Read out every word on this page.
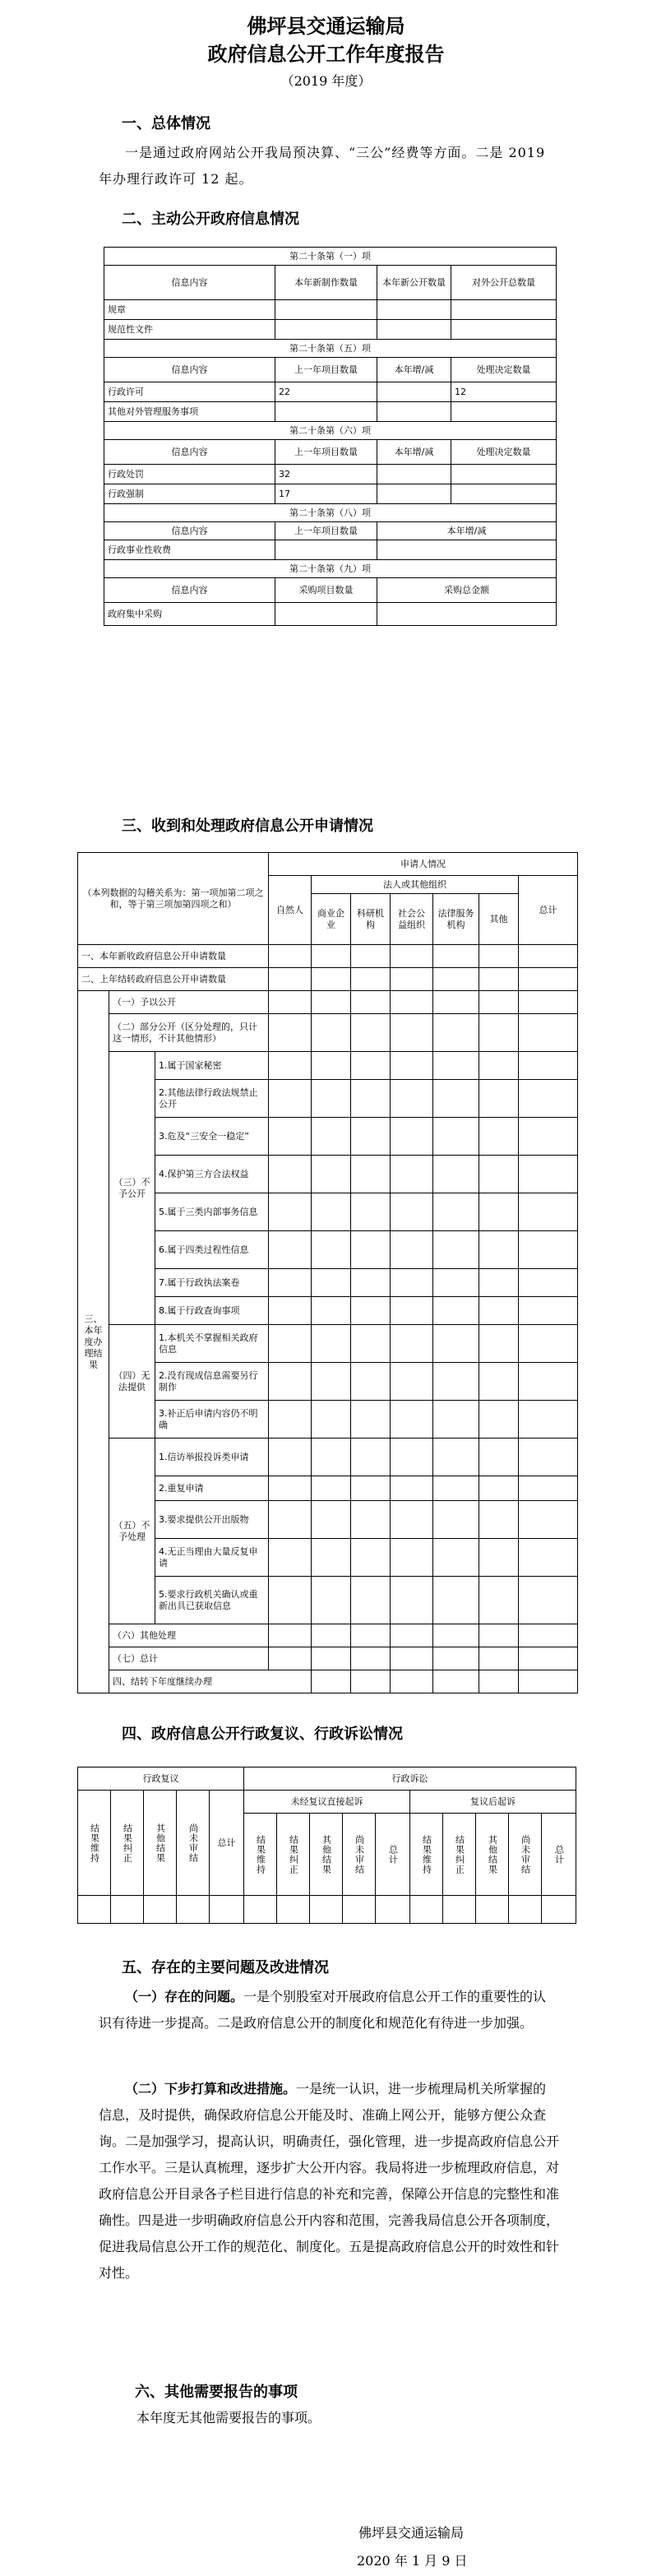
佛坪县交通运输局
政府信息公开工作年度报告
（2019 年度）
一、总体情况
一是通过政府网站公开我局预决算、“三公”经费等方面。二是 2019 年办理行政许可 12 起。
二、主动公开政府信息情况
第二十条第（一）项			
信息内容	本年新制作数量	本年新公开数量	对外公开总数量
规章			
规范性文件			
第二十条第（五）项			
信息内容	上一年项目数量	本年增/减	处理决定数量
行政许可	22		12
其他对外管理服务事项			
第二十条第（六）项			
信息内容	上一年项目数量	本年增/减	处理决定数量
行政处罚	32		
行政强制	17		
第二十条第（八）项			
信息内容	上一年项目数量	本年增/减	
行政事业性收费			
第二十条第（九）项			
信息内容	采购项目数量	采购总金额	
政府集中采购			
三、收到和处理政府信息公开申请情况
（本列数据的勾稽关系为：第一项加第二项之和，等于第三项加第四项之和）			申请人情况							
			自然人	法人或其他组织					总计	
				商业企业	科研机构	社会公益组织	法律服务机构	其他		
一、本年新收政府信息公开申请数量										
二、上年结转政府信息公开申请数量										
三、本年度办理结果	（一）予以公开									
	（二）部分公开（区分处理的，只计这一情形，不计其他情形）									
	（三）不予公开	1.属于国家秘密								
		2.其他法律行政法规禁止公开								
		3.危及“三安全一稳定”								
		4.保护第三方合法权益								
		5.属于三类内部事务信息								
		6.属于四类过程性信息								
		7.属于行政执法案卷								
		8.属于行政查询事项								
	（四）无法提供	1.本机关不掌握相关政府信息								
		2.没有现成信息需要另行制作								
		3.补正后申请内容仍不明确								
	（五）不予处理	1.信访举报投诉类申请								
		2.重复申请								
		3.要求提供公开出版物								
		4.无正当理由大量反复申请								
		5.要求行政机关确认或重新出具已获取信息								
	（六）其他处理									
	（七）总计									
	四、结转下年度继续办理									
四、政府信息公开行政复议、行政诉讼情况
行政复议					行政诉讼									

结果维持	结果纠正	其他结果	尚未审结	总计	未经复议直接起诉					复议后起诉				

					结果维持	结果纠正	其他结果	尚未审结	总计	结果维持	结果纠正	其他结果	尚未审结	总计

五、存在的主要问题及改进情况
（一）存在的问题。一是个别股室对开展政府信息公开工作的重要性的认识有待进一步提高。二是政府信息公开的制度化和规范化有待进一步加强。
（二）下步打算和改进措施。一是统一认识，进一步梳理局机关所掌握的信息，及时提供，确保政府信息公开能及时、准确上网公开，能够方便公众查询。二是加强学习，提高认识，明确责任，强化管理，进一步提高政府信息公开工作水平。三是认真梳理，逐步扩大公开内容。我局将进一步梳理政府信息，对政府信息公开目录各子栏目进行信息的补充和完善，保障公开信息的完整性和准确性。四是进一步明确政府信息公开内容和范围，完善我局信息公开各项制度，促进我局信息公开工作的规范化、制度化。五是提高政府信息公开的时效性和针对性。
六、其他需要报告的事项
本年度无其他需要报告的事项。
佛坪县交通运输局
2020 年 1 月 9 日
